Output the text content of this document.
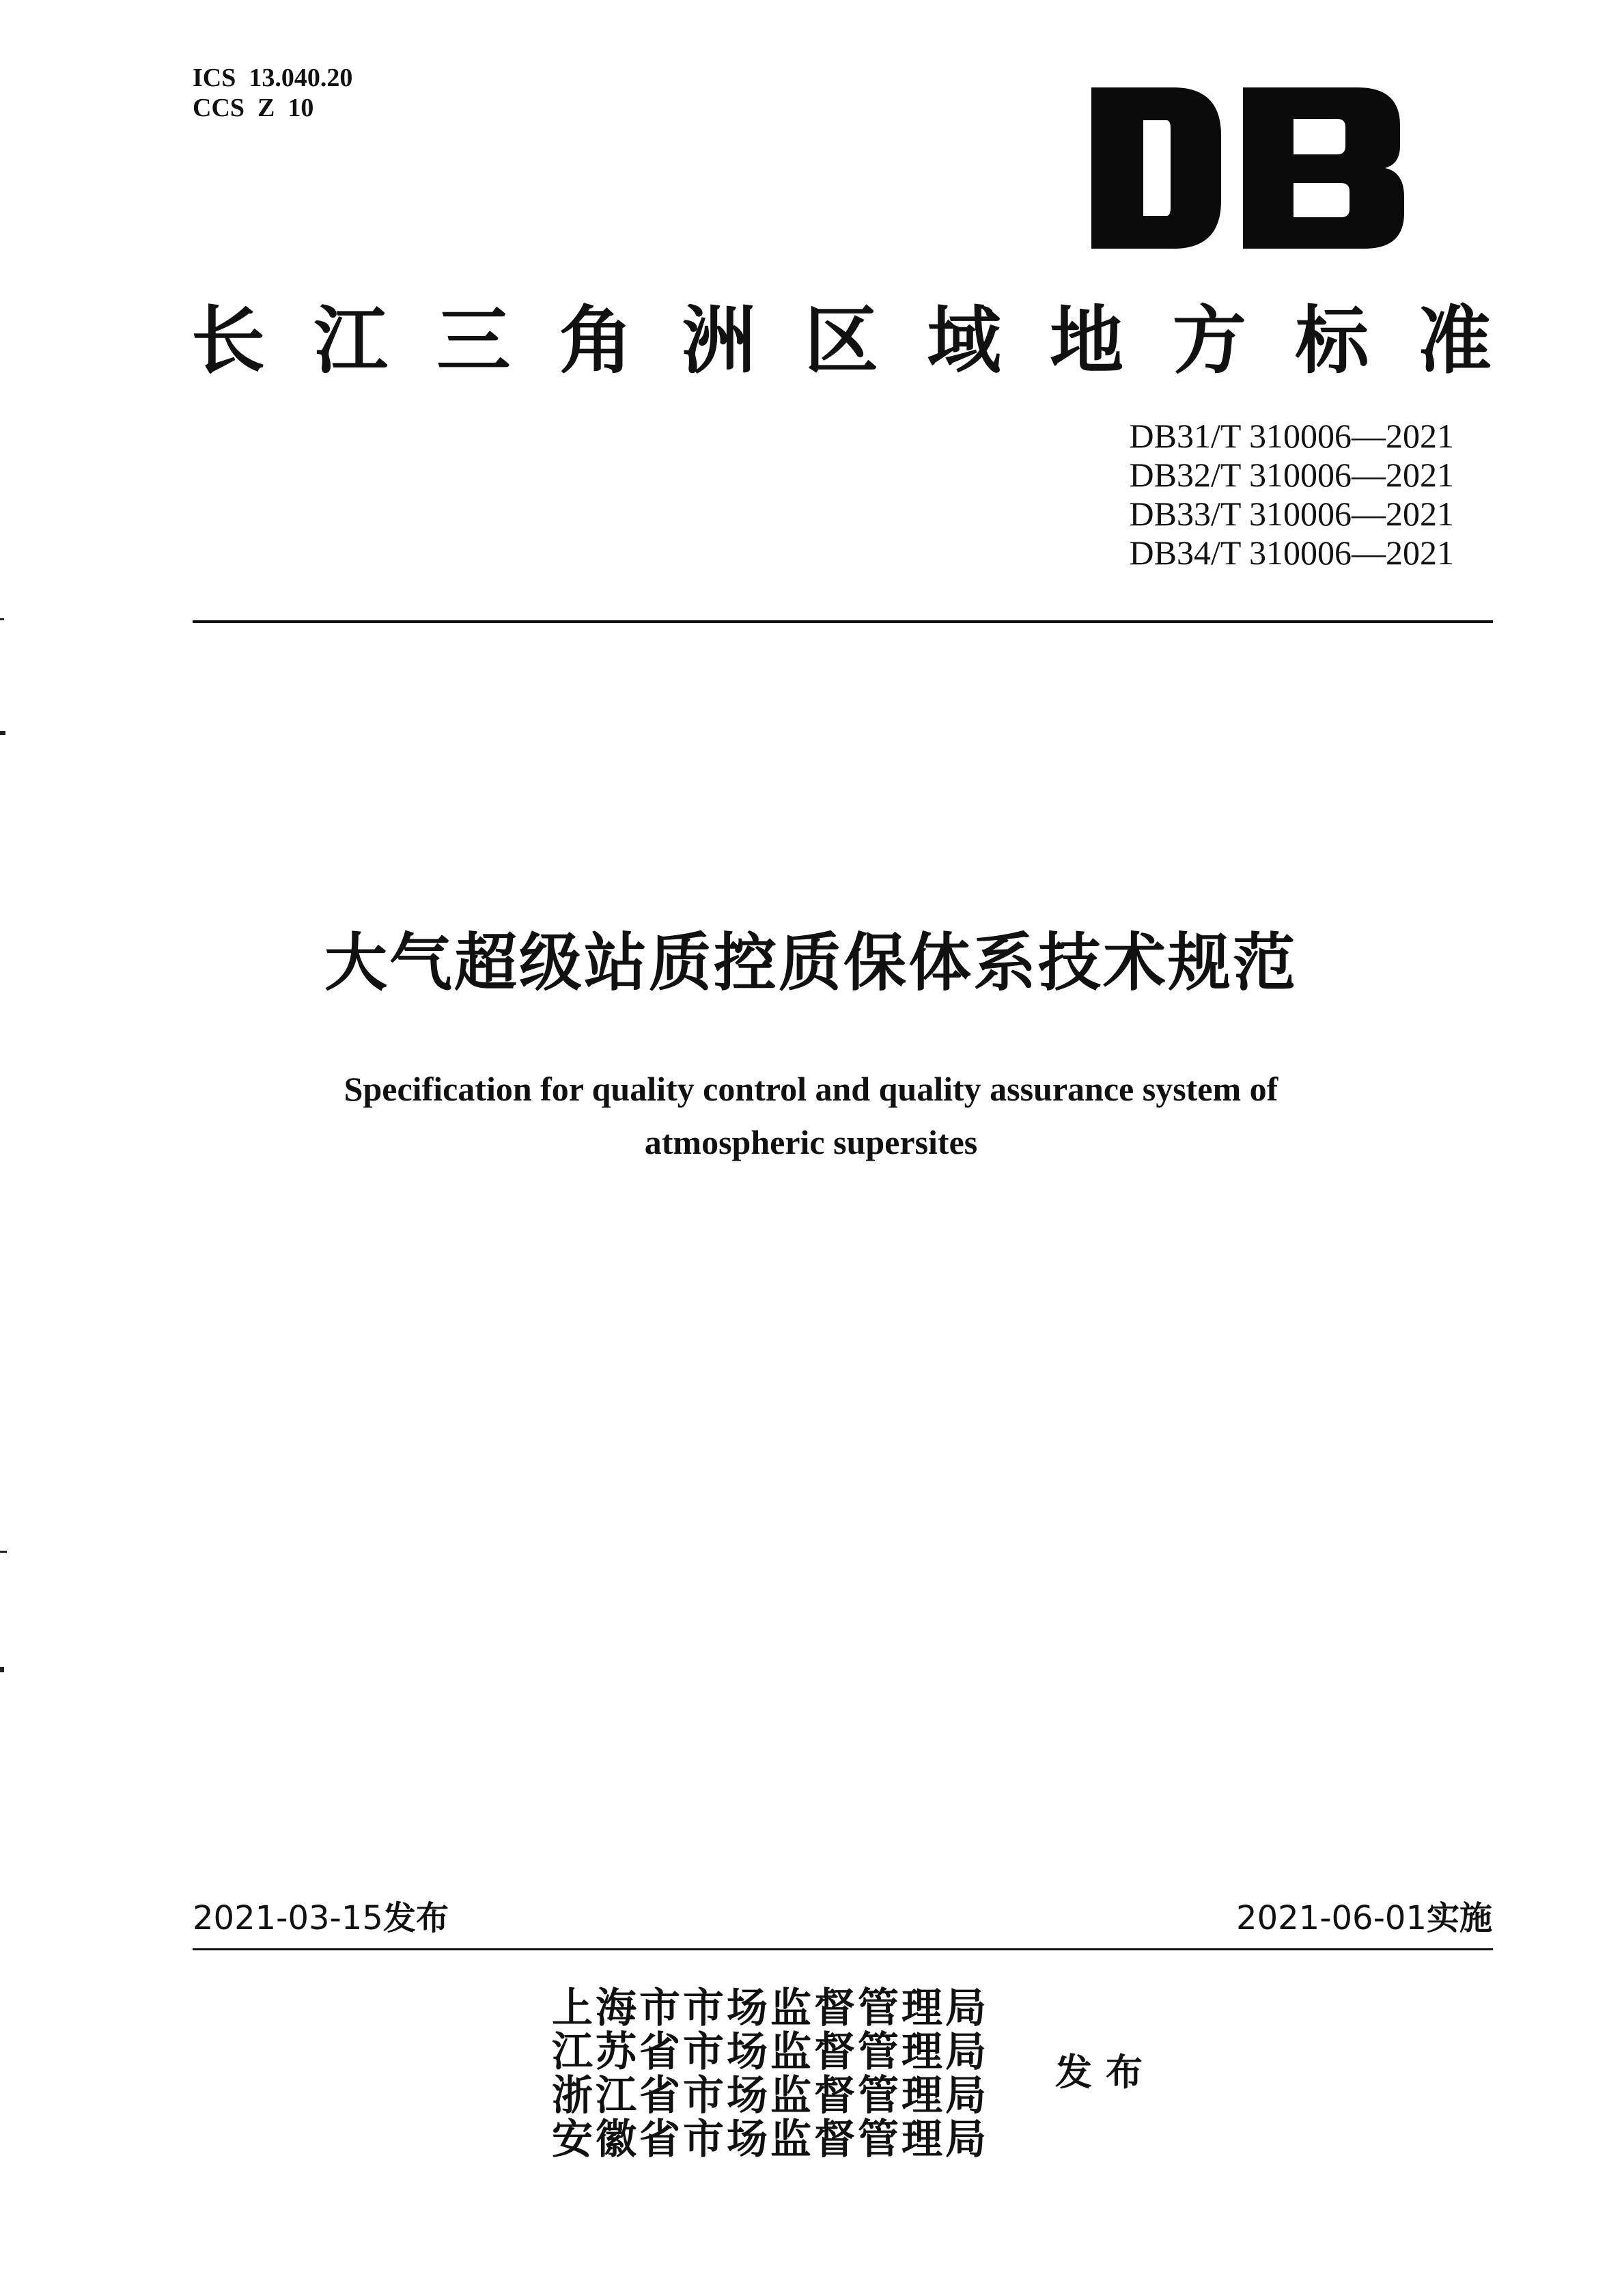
ICS  13.040.20
CCS  Z  10
长 江 三 角 洲 区 域 地 方 标 准
DB31/T 310006—2021
DB32/T 310006—2021
DB33/T 310006—2021
DB34/T 310006—2021
大气超级站质控质保体系技术规范
Specification for quality control and quality assurance system of
atmospheric supersites
2021-03-15发布	2021-06-01实施
上海市市场监督管理局
江苏省市场监督管理局
浙江省市场监督管理局
安徽省市场监督管理局
发布
